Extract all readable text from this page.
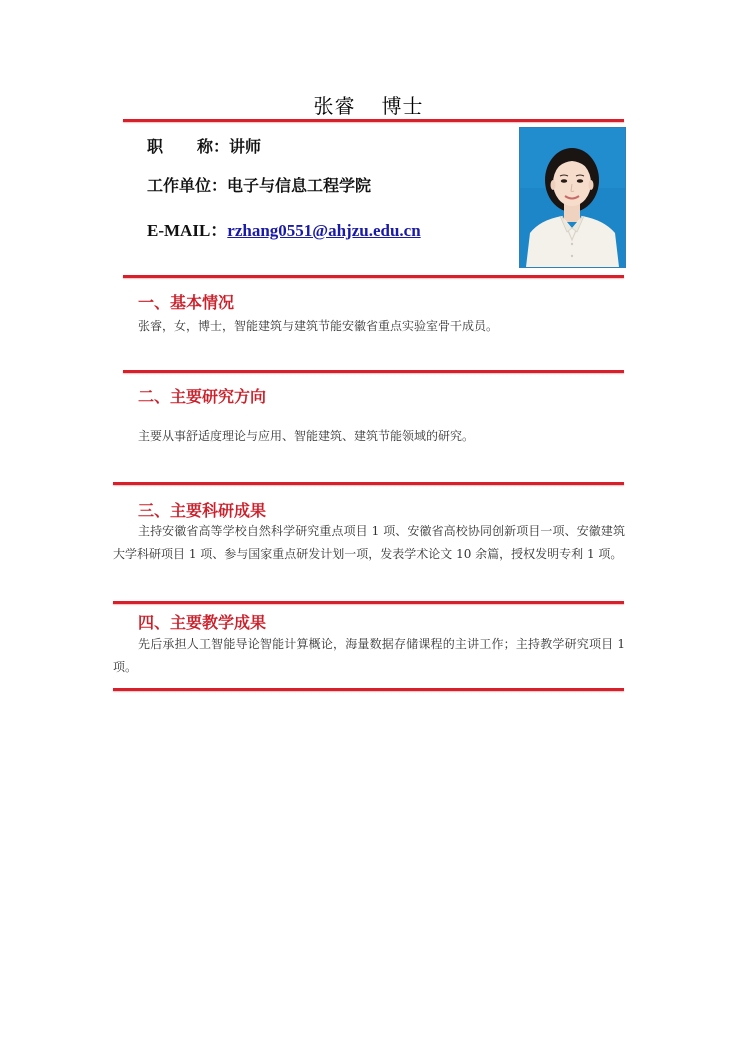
张睿 博士
职 称：讲师
工作单位：电子与信息工程学院
E-MAIL：rzhang0551@ahjzu.edu.cn
一、基本情况
张睿，女，博士，智能建筑与建筑节能安徽省重点实验室骨干成员。
二、主要研究方向
主要从事舒适度理论与应用、智能建筑、建筑节能领域的研究。
三、主要科研成果
主持安徽省高等学校自然科学研究重点项目 1 项、安徽省高校协同创新项目一项、安徽建筑大学科研项目 1 项、参与国家重点研发计划一项，发表学术论文 10 余篇，授权发明专利 1 项。
四、主要教学成果
先后承担人工智能导论智能计算概论，海量数据存储课程的主讲工作；主持教学研究项目 1 项。
